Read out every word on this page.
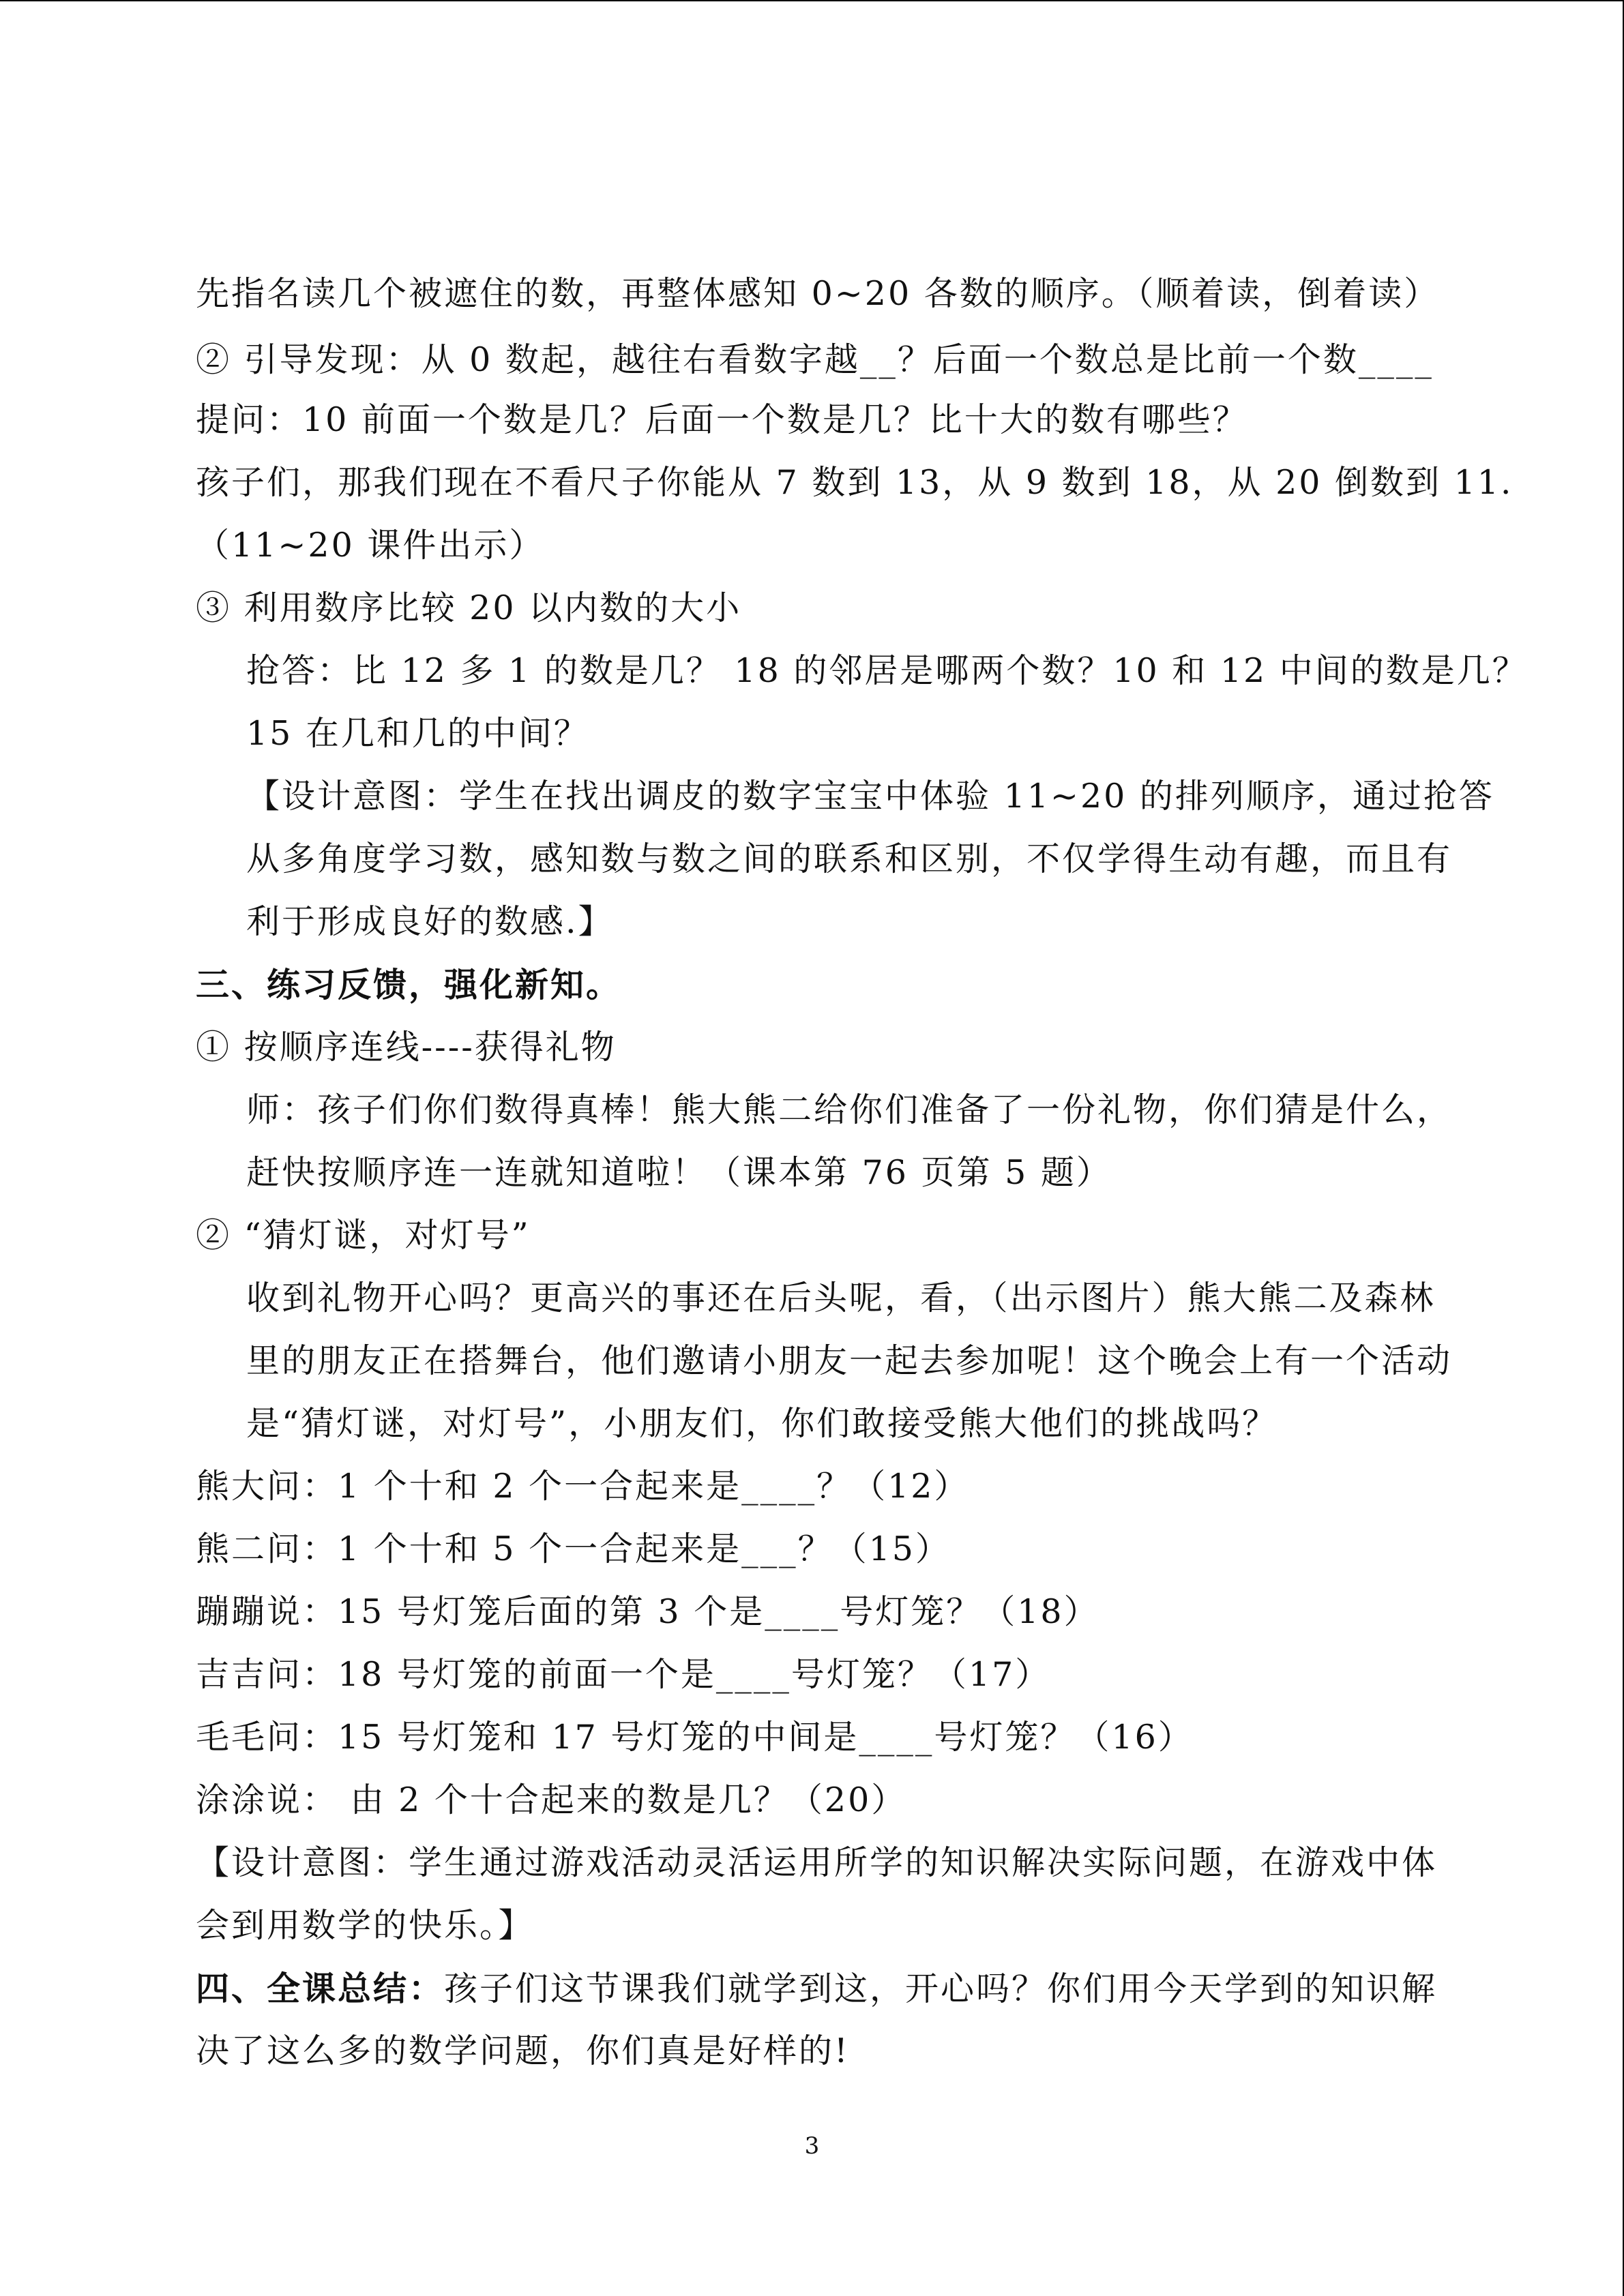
先指名读几个被遮住的数，再整体感知 0~20 各数的顺序。（顺着读，倒着读）
② 引导发现：从 0 数起，越往右看数字越__？后面一个数总是比前一个数____
提问：10 前面一个数是几？后面一个数是几？比十大的数有哪些？
孩子们，那我们现在不看尺子你能从 7 数到 13，从 9 数到 18，从 20 倒数到 11.
（11~20 课件出示）
③ 利用数序比较 20 以内数的大小
抢答：比 12 多 1 的数是几？ 18 的邻居是哪两个数？10 和 12 中间的数是几？
15 在几和几的中间？
【设计意图：学生在找出调皮的数字宝宝中体验 11~20 的排列顺序，通过抢答
从多角度学习数，感知数与数之间的联系和区别，不仅学得生动有趣，而且有
利于形成良好的数感.】
三、练习反馈，强化新知。
① 按顺序连线----获得礼物
师：孩子们你们数得真棒！熊大熊二给你们准备了一份礼物，你们猜是什么，
赶快按顺序连一连就知道啦！（课本第 76 页第 5 题）
② “猜灯谜，对灯号”
收到礼物开心吗？更高兴的事还在后头呢，看，（出示图片）熊大熊二及森林
里的朋友正在搭舞台，他们邀请小朋友一起去参加呢！这个晚会上有一个活动
是“猜灯谜，对灯号”，小朋友们，你们敢接受熊大他们的挑战吗？
熊大问：1 个十和 2 个一合起来是____？（12）
熊二问：1 个十和 5 个一合起来是___？（15）
蹦蹦说：15 号灯笼后面的第 3 个是____号灯笼？（18）
吉吉问：18 号灯笼的前面一个是____号灯笼？（17）
毛毛问：15 号灯笼和 17 号灯笼的中间是____号灯笼？（16）
涂涂说： 由 2 个十合起来的数是几？（20）
【设计意图：学生通过游戏活动灵活运用所学的知识解决实际问题，在游戏中体
会到用数学的快乐。】
四、全课总结：孩子们这节课我们就学到这，开心吗？你们用今天学到的知识解
决了这么多的数学问题，你们真是好样的!
3
